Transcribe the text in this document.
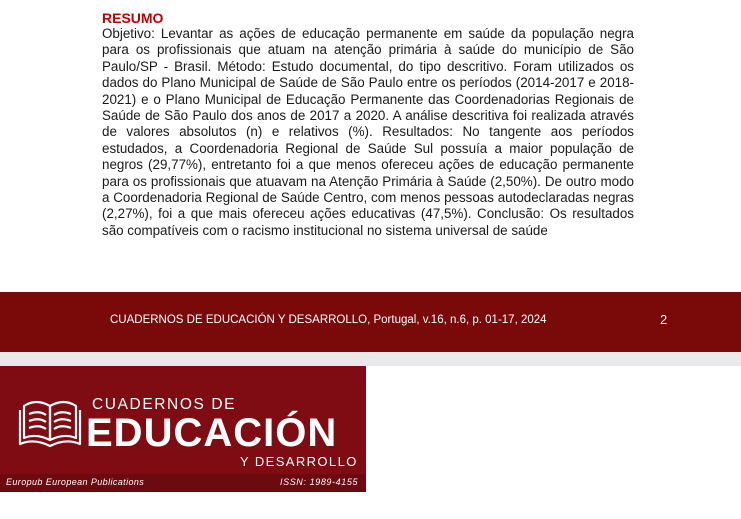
RESUMO

Objetivo: Levantar as ações de educação permanente em saúde da população negra para os profissionais que atuam na atenção primária à saúde do município de São Paulo/SP - Brasil. Método: Estudo documental, do tipo descritivo. Foram utilizados os dados do Plano Municipal de Saúde de São Paulo entre os períodos (2014-2017 e 2018-2021) e o Plano Municipal de Educação Permanente das Coordenadorias Regionais de Saúde de São Paulo dos anos de 2017 a 2020. A análise descritiva foi realizada através de valores absolutos (n) e relativos (%). Resultados: No tangente aos períodos estudados, a Coordenadoria Regional de Saúde Sul possuía a maior população de negros (29,77%), entretanto foi a que menos ofereceu ações de educação permanente para os profissionais que atuavam na Atenção Primária à Saúde (2,50%). De outro modo a Coordenadoria Regional de Saúde Centro, com menos pessoas autodeclaradas negras (2,27%), foi a que mais ofereceu ações educativas (47,5%). Conclusão: Os resultados são compatíveis com o racismo institucional no sistema universal de saúde

CUADERNOS DE EDUCACIÓN Y DESARROLLO, Portugal, v.16, n.6, p. 01-17, 2024	2
CUADERNOS DE
EDUCACIÓN
Y DESARROLLO
Europub European Publications	ISSN: 1989-4155
